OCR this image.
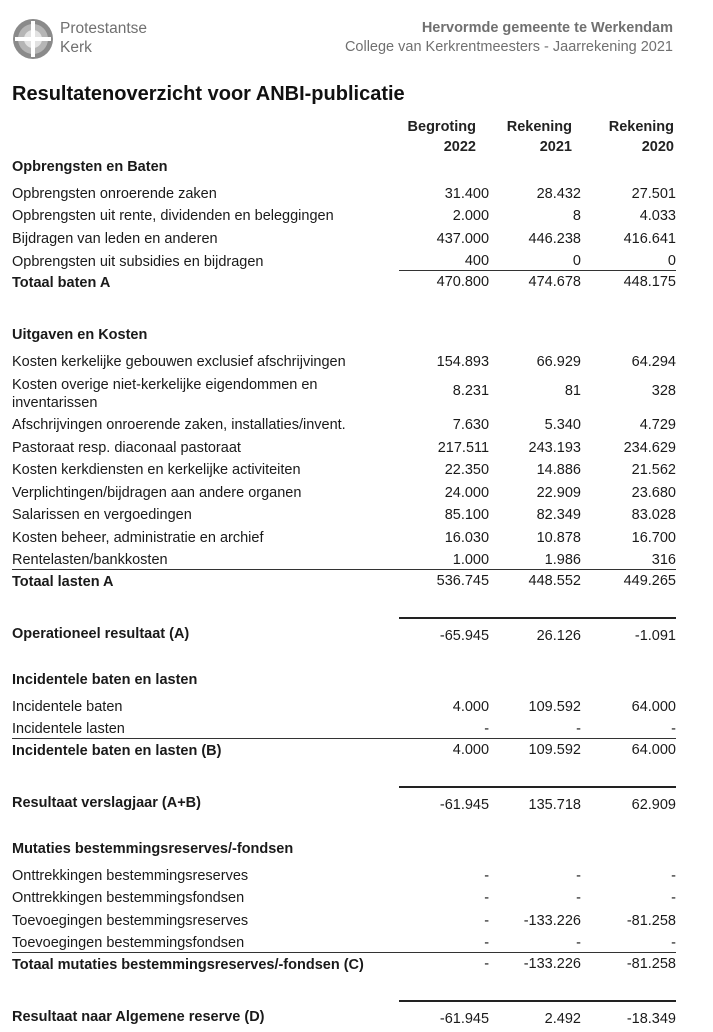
Protestantse
Kerk
Hervormde gemeente te Werkendam
College van Kerkrentmeesters - Jaarrekening 2021
Resultatenoverzicht voor ANBI-publicatie
Begroting
2022
Rekening
2021
Rekening
2020
Opbrengsten en Baten			
Opbrengsten onroerende zaken	31.400	28.432	27.501
Opbrengsten uit rente, dividenden en beleggingen	2.000	8	4.033
Bijdragen van leden en anderen	437.000	446.238	416.641
Opbrengsten uit subsidies en bijdragen	400	0	0
Totaal baten A	470.800	474.678	448.175

Uitgaven en Kosten			
Kosten kerkelijke gebouwen exclusief afschrijvingen	154.893	66.929	64.294
Kosten overige niet-kerkelijke eigendommen en inventarissen	8.231	81	328
Afschrijvingen onroerende zaken, installaties/invent.	7.630	5.340	4.729
Pastoraat resp. diaconaal pastoraat	217.511	243.193	234.629
Kosten kerkdiensten en kerkelijke activiteiten	22.350	14.886	21.562
Verplichtingen/bijdragen aan andere organen	24.000	22.909	23.680
Salarissen en vergoedingen	85.100	82.349	83.028
Kosten beheer, administratie en archief	16.030	10.878	16.700
Rentelasten/bankkosten	1.000	1.986	316
Totaal lasten A	536.745	448.552	449.265

Operationeel resultaat (A)	-65.945	26.126	-1.091

Incidentele baten en lasten			
Incidentele baten	4.000	109.592	64.000
Incidentele lasten	-	-	-
Incidentele baten en lasten (B)	4.000	109.592	64.000

Resultaat verslagjaar (A+B)	-61.945	135.718	62.909

Mutaties bestemmingsreserves/-fondsen			
Onttrekkingen bestemmingsreserves	-	-	-
Onttrekkingen bestemmingsfondsen	-	-	-
Toevoegingen bestemmingsreserves	-	-133.226	-81.258
Toevoegingen bestemmingsfondsen	-	-	-
Totaal mutaties bestemmingsreserves/-fondsen (C)	-	-133.226	-81.258

Resultaat naar Algemene reserve (D)	-61.945	2.492	-18.349
